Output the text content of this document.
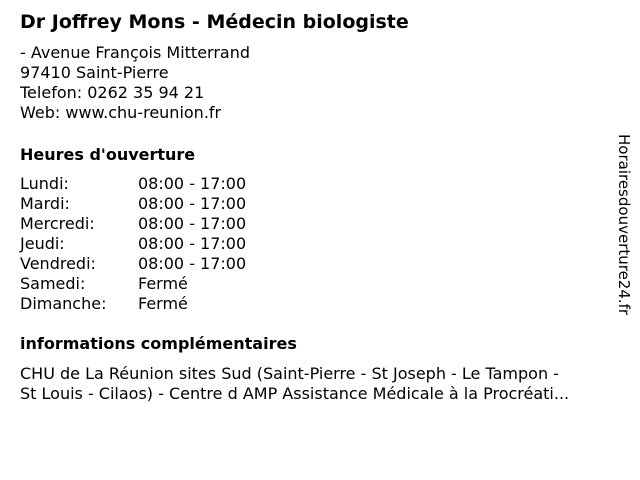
Dr Joffrey Mons - Médecin biologiste
- Avenue François Mitterrand
97410 Saint-Pierre
Telefon: 0262 35 94 21
Web: www.chu-reunion.fr
Heures d'ouverture
Lundi:	08:00 - 17:00
Mardi:	08:00 - 17:00
Mercredi:	08:00 - 17:00
Jeudi:	08:00 - 17:00
Vendredi:	08:00 - 17:00
Samedi:	Fermé
Dimanche: Fermé
informations complémentaires
CHU de La Réunion sites Sud (Saint-Pierre - St Joseph - Le Tampon -
St Louis - Cilaos) - Centre d AMP Assistance Médicale à la Procréati...
Horairesdouverture24.fr
